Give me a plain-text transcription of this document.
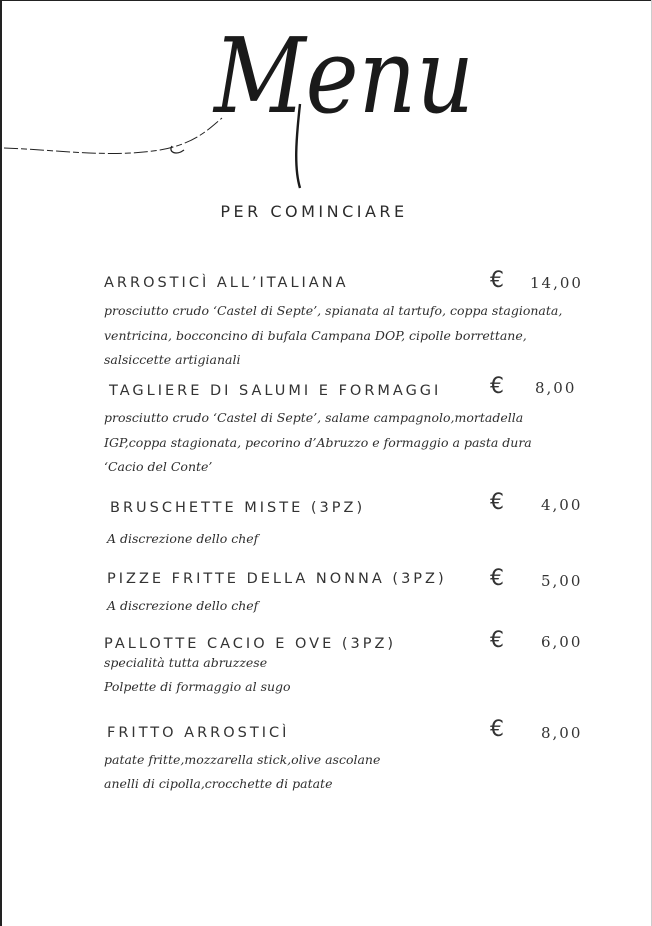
Menu
PER COMINCIARE
ARROSTICÌ ALL’ITALIANA	€ 14,00
prosciutto crudo ‘Castel di Septe’, spianata al tartufo, coppa stagionata,
ventricina, bocconcino di bufala Campana DOP, cipolle borrettane,
salsiccette artigianali
TAGLIERE DI SALUMI E FORMAGGI € 8,00
prosciutto crudo ‘Castel di Septe’, salame campagnolo,mortadella
IGP,coppa stagionata, pecorino d’Abruzzo e formaggio a pasta dura
‘Cacio del Conte’
BRUSCHETTE MISTE (3PZ)	€ 4,00
A discrezione dello chef
PIZZE FRITTE DELLA NONNA (3PZ) € 5,00
A discrezione dello chef
PALLOTTE CACIO E OVE (3PZ)	€ 6,00
specialità tutta abruzzese
Polpette di formaggio al sugo
FRITTO ARROSTICÌ	€ 8,00
patate fritte,mozzarella stick,olive ascolane
anelli di cipolla,crocchette di patate
